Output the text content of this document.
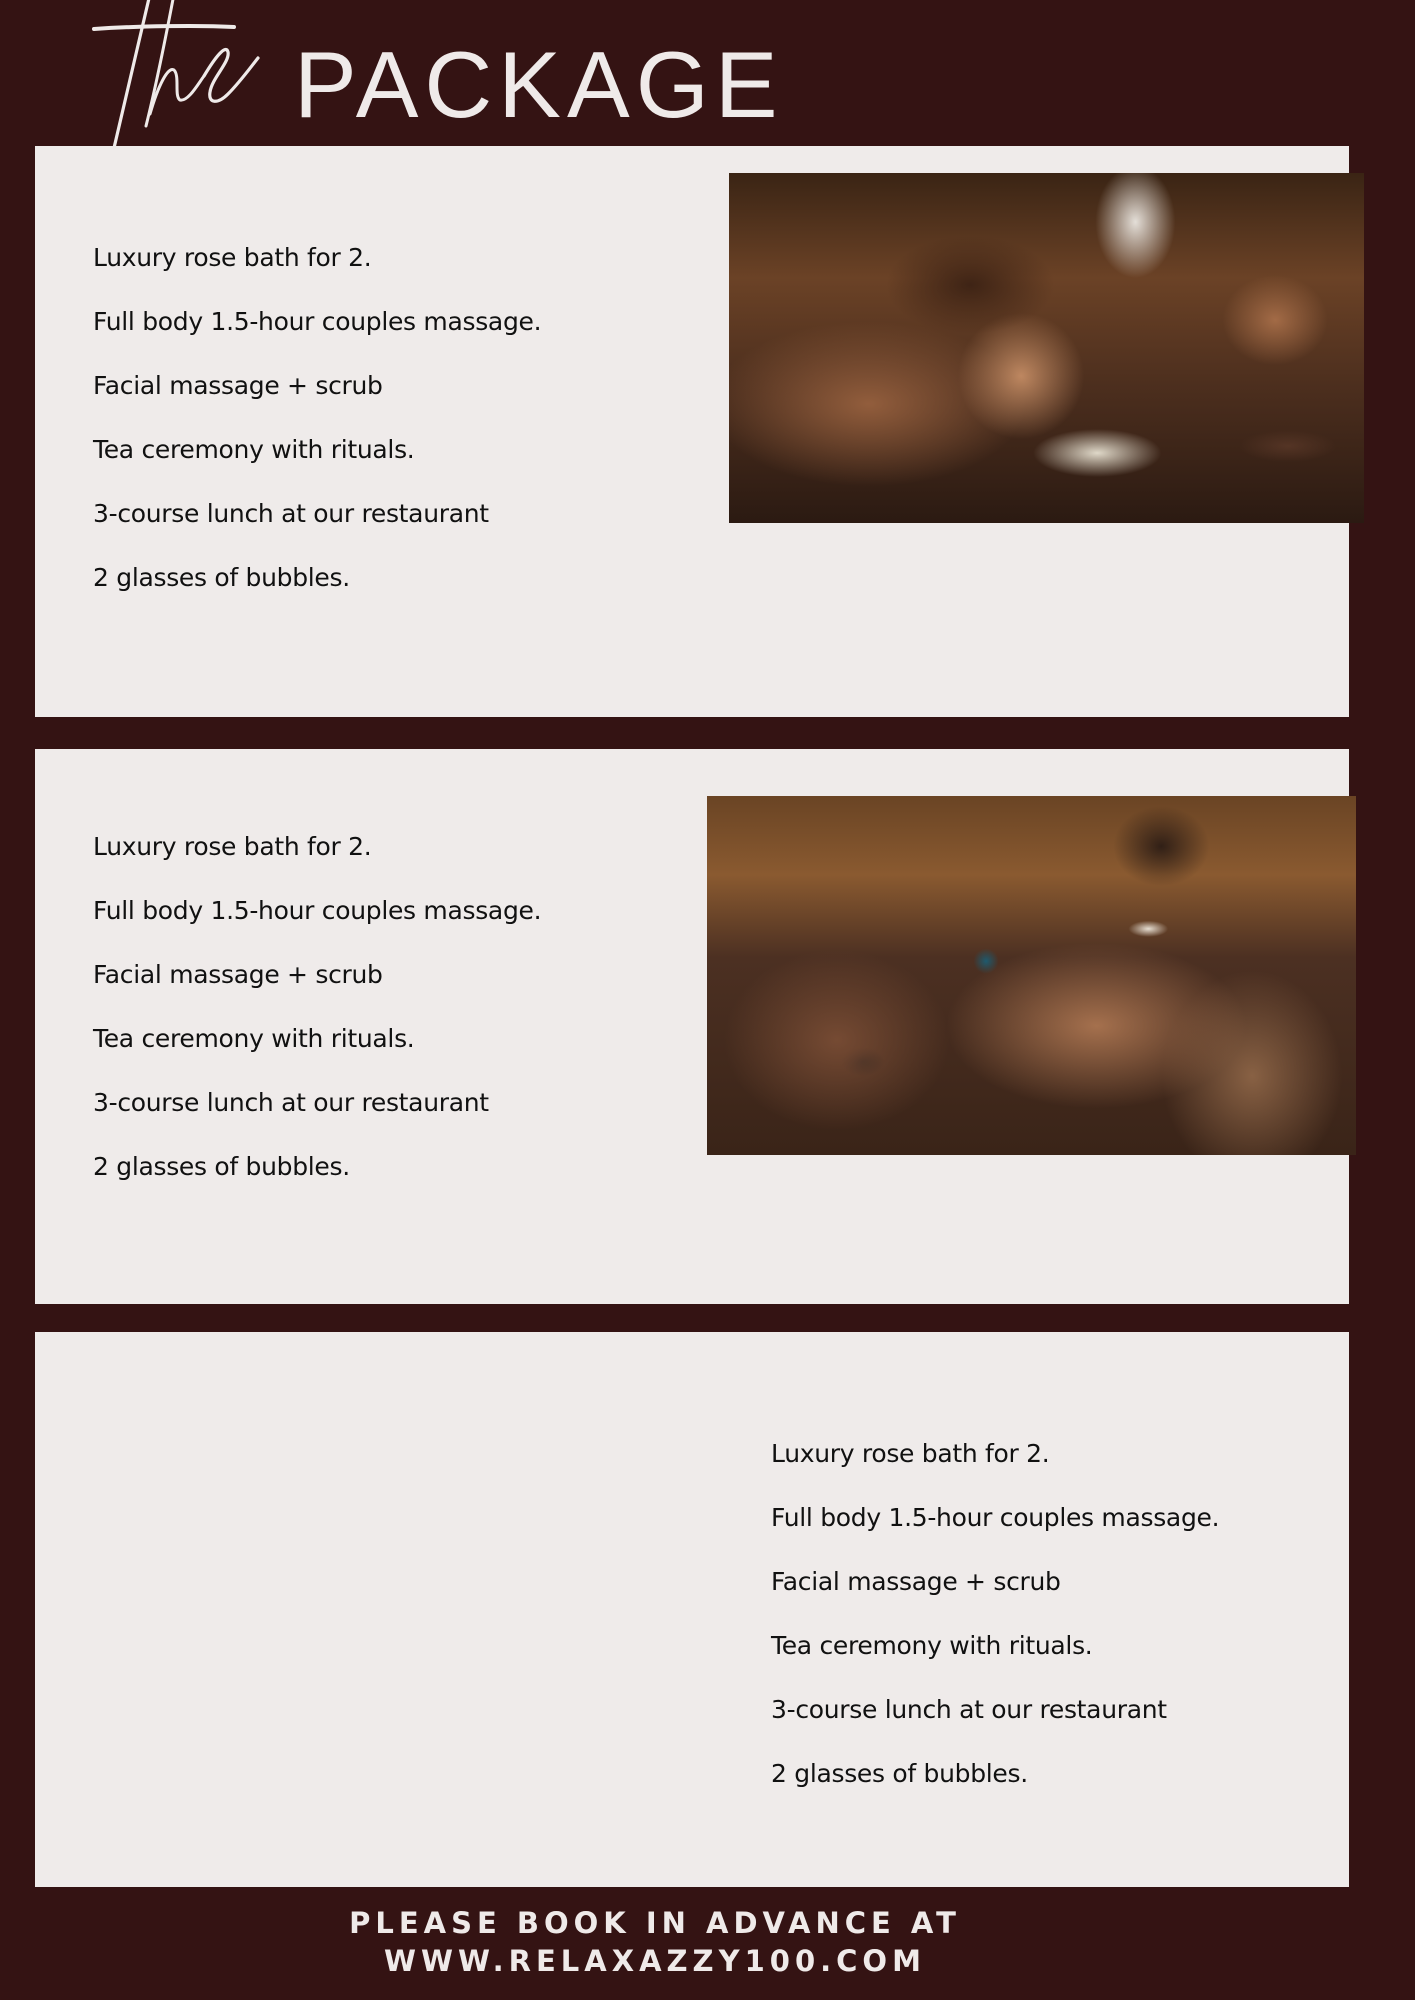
PACKAGE
Luxury rose bath for 2.
Full body 1.5-hour couples massage.
Facial massage + scrub
Tea ceremony with rituals.
3-course lunch at our restaurant
2 glasses of bubbles.
Luxury rose bath for 2.
Full body 1.5-hour couples massage.
Facial massage + scrub
Tea ceremony with rituals.
3-course lunch at our restaurant
2 glasses of bubbles.
Luxury rose bath for 2.
Full body 1.5-hour couples massage.
Facial massage + scrub
Tea ceremony with rituals.
3-course lunch at our restaurant
2 glasses of bubbles.
PLEASE BOOK IN ADVANCE AT
WWW.RELAXAZZY100.COM
